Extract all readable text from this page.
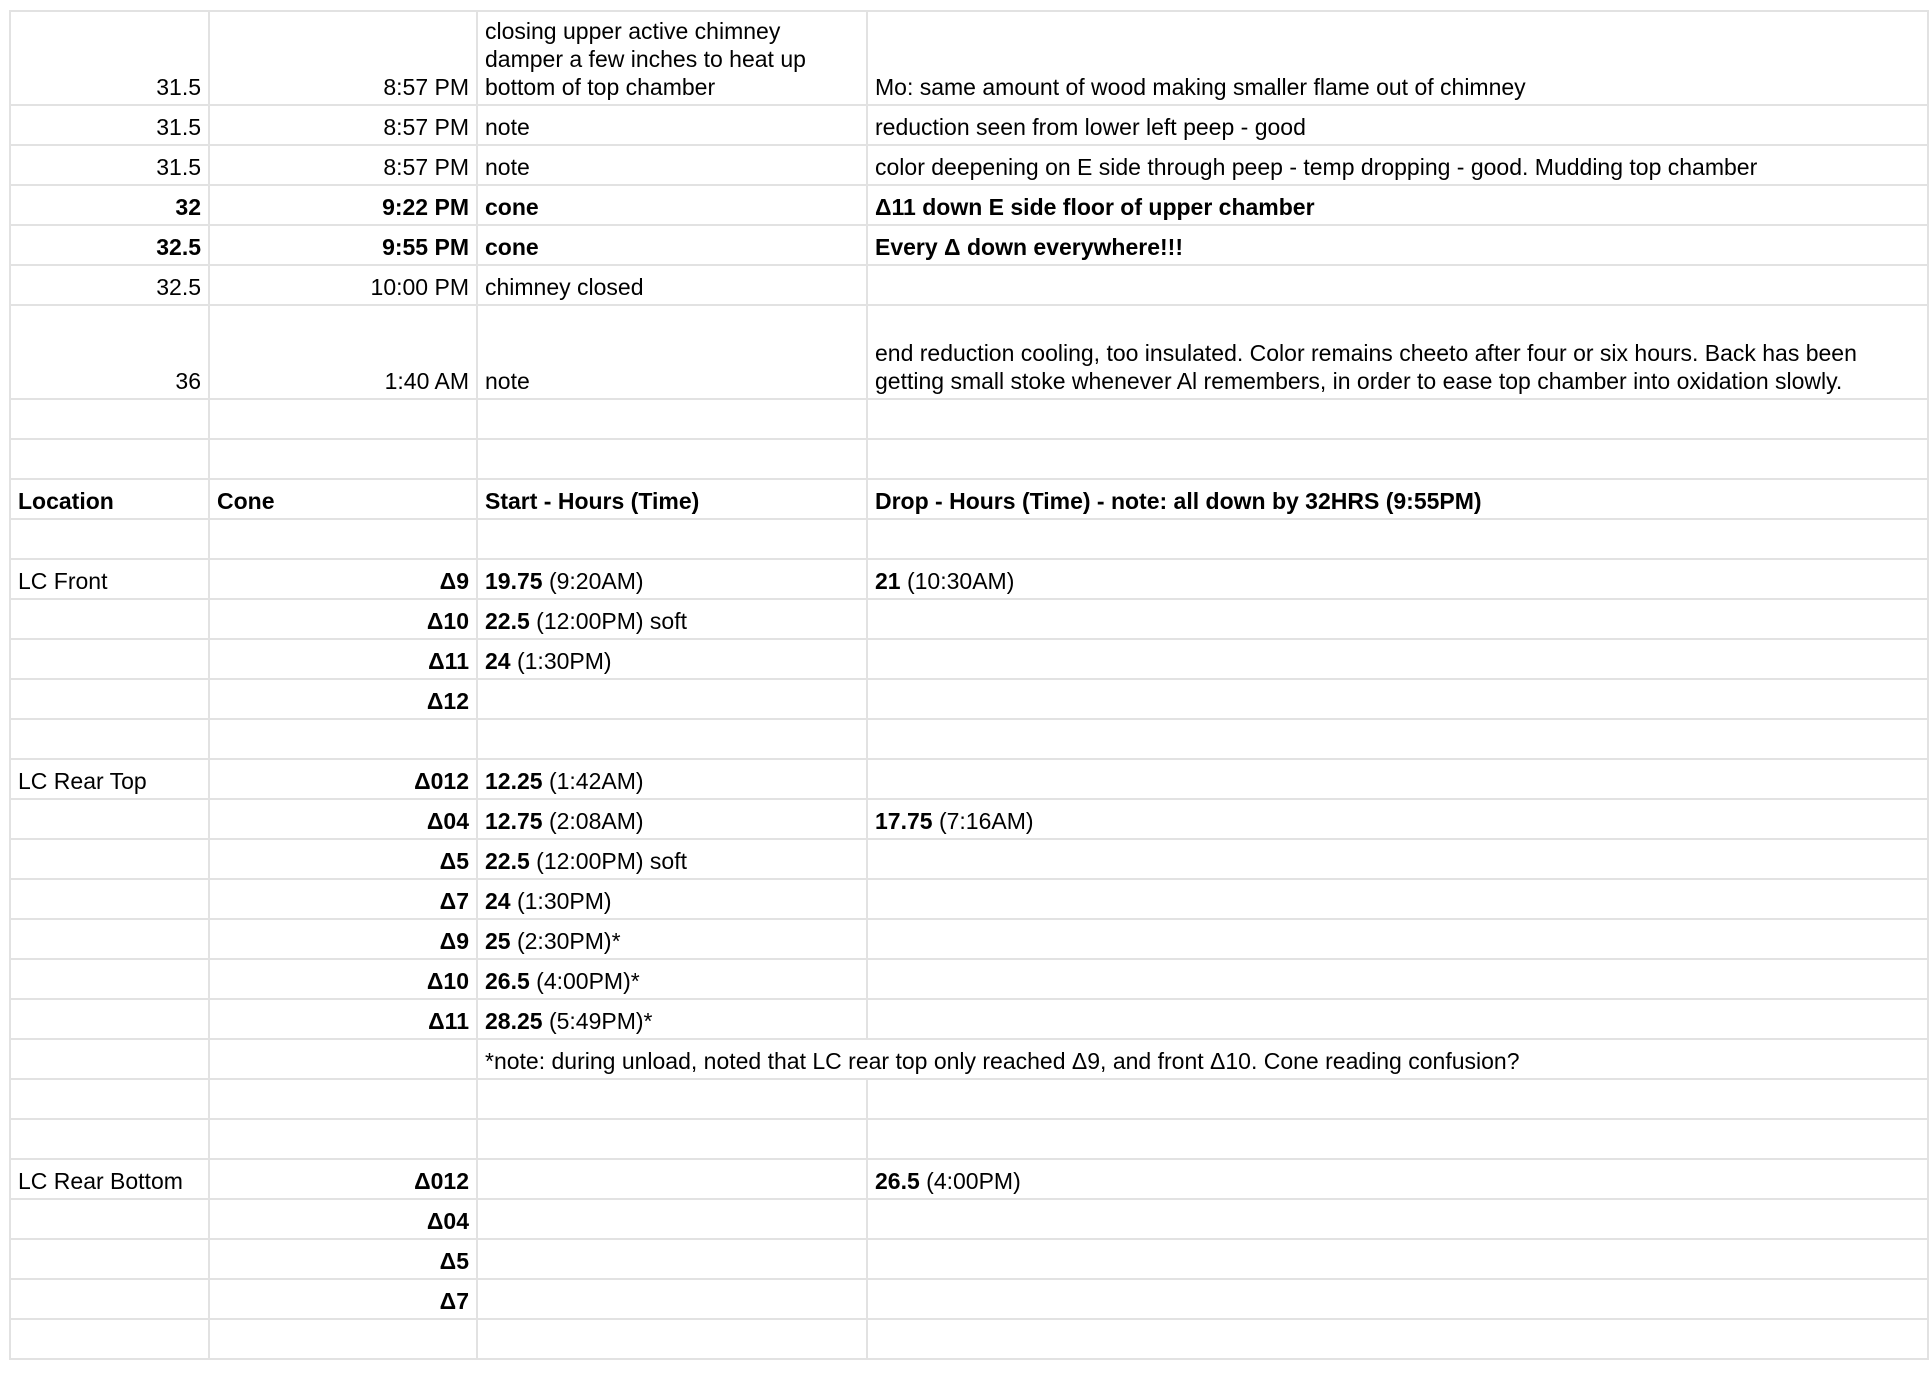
31.5	8:57 PM	closing upper active chimney damper a few inches to heat up bottom of top chamber	Mo: same amount of wood making smaller flame out of chimney
31.5	8:57 PM	note	reduction seen from lower left peep - good
31.5	8:57 PM	note	color deepening on E side through peep - temp dropping - good. Mudding top chamber
32	9:22 PM	cone	Δ11 down E side floor of upper chamber
32.5	9:55 PM	cone	Every Δ down everywhere!!!
32.5	10:00 PM	chimney closed	
36	1:40 AM	note	end reduction cooling, too insulated. Color remains cheeto after four or six hours. Back has been getting small stoke whenever Al remembers, in order to ease top chamber into oxidation slowly.

Location	Cone	Start - Hours (Time)	Drop - Hours (Time) - note: all down by 32HRS (9:55PM)

LC Front	Δ9	19.75 (9:20AM)	21 (10:30AM)
	Δ10	22.5 (12:00PM) soft	
	Δ11	24 (1:30PM)	
	Δ12		

LC Rear Top	Δ012	12.25 (1:42AM)	
	Δ04	12.75 (2:08AM)	17.75 (7:16AM)
	Δ5	22.5 (12:00PM) soft	
	Δ7	24 (1:30PM)	
	Δ9	25 (2:30PM)*	
	Δ10	26.5 (4:00PM)*	
	Δ11	28.25 (5:49PM)*	
		*note: during unload, noted that LC rear top only reached Δ9, and front Δ10. Cone reading confusion?	

LC Rear Bottom	Δ012		26.5 (4:00PM)
	Δ04		
	Δ5		
	Δ7		
